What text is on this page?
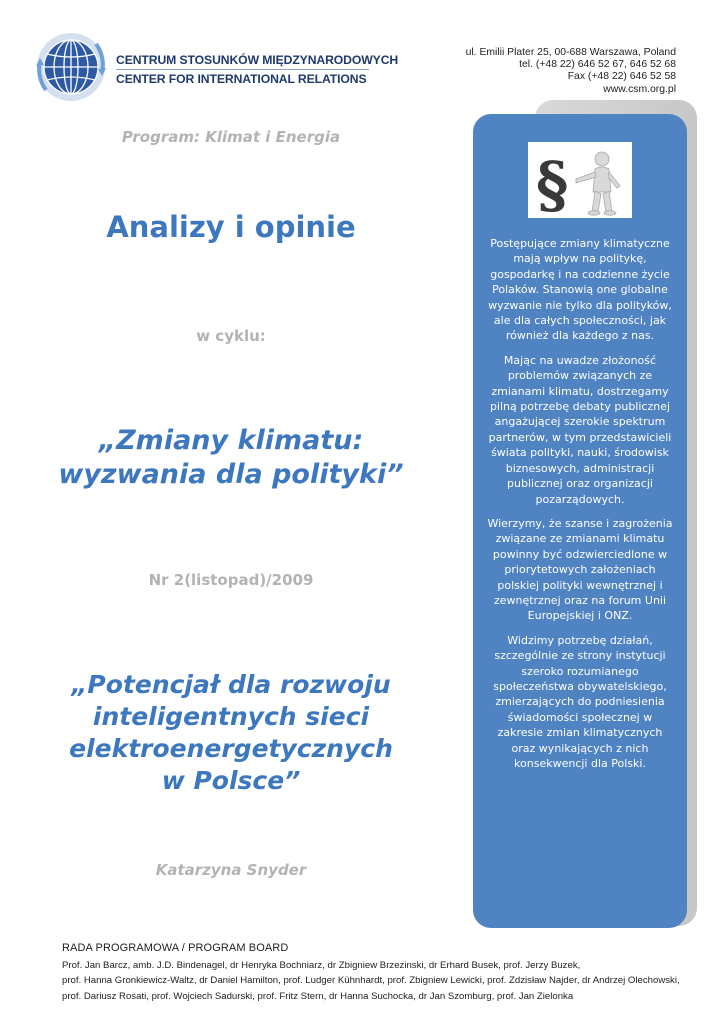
CENTRUM STOSUNKÓW MIĘDZYNARODOWYCH
CENTER FOR INTERNATIONAL RELATIONS
ul. Emilii Plater 25, 00-688 Warszawa, Poland
tel. (+48 22) 646 52 67, 646 52 68
Fax (+48 22) 646 52 58
www.csm.org.pl
Program: Klimat i Energia
Analizy i opinie
w cyklu:
„Zmiany klimatu:
wyzwania dla polityki”
Nr 2(listopad)/2009
„Potencjał dla rozwoju
inteligentnych sieci
elektroenergetycznych
w Polsce”
Katarzyna Snyder
§

Postępujące zmiany klimatyczne mają wpływ na politykę, gospodarkę i na codzienne życie Polaków. Stanowią one globalne wyzwanie nie tylko dla polityków, ale dla całych społeczności, jak również dla każdego z nas.

Mając na uwadze złożoność problemów związanych ze zmianami klimatu, dostrzegamy pilną potrzebę debaty publicznej angażującej szerokie spektrum partnerów, w tym przedstawicieli świata polityki, nauki, środowisk biznesowych, administracji publicznej oraz organizacji pozarządowych.

Wierzymy, że szanse i zagrożenia związane ze zmianami klimatu powinny być odzwierciedlone w priorytetowych założeniach polskiej polityki wewnętrznej i zewnętrznej oraz na forum Unii Europejskiej i ONZ.

Widzimy potrzebę działań, szczególnie ze strony instytucji szeroko rozumianego społeczeństwa obywatelskiego, zmierzających do podniesienia świadomości społecznej w zakresie zmian klimatycznych oraz wynikających z nich konsekwencji dla Polski.

RADA PROGRAMOWA / PROGRAM BOARD
Prof. Jan Barcz, amb. J.D. Bindenagel, dr Henryka Bochniarz, dr Zbigniew Brzezinski, dr Erhard Busek, prof. Jerzy Buzek,
prof. Hanna Gronkiewicz-Waltz, dr Daniel Hamilton, prof. Ludger Kühnhardt, prof. Zbigniew Lewicki, prof. Zdzisław Najder, dr Andrzej Olechowski,
prof. Dariusz Rosati, prof. Wojciech Sadurski, prof. Fritz Stern, dr Hanna Suchocka, dr Jan Szomburg, prof. Jan Zielonka
